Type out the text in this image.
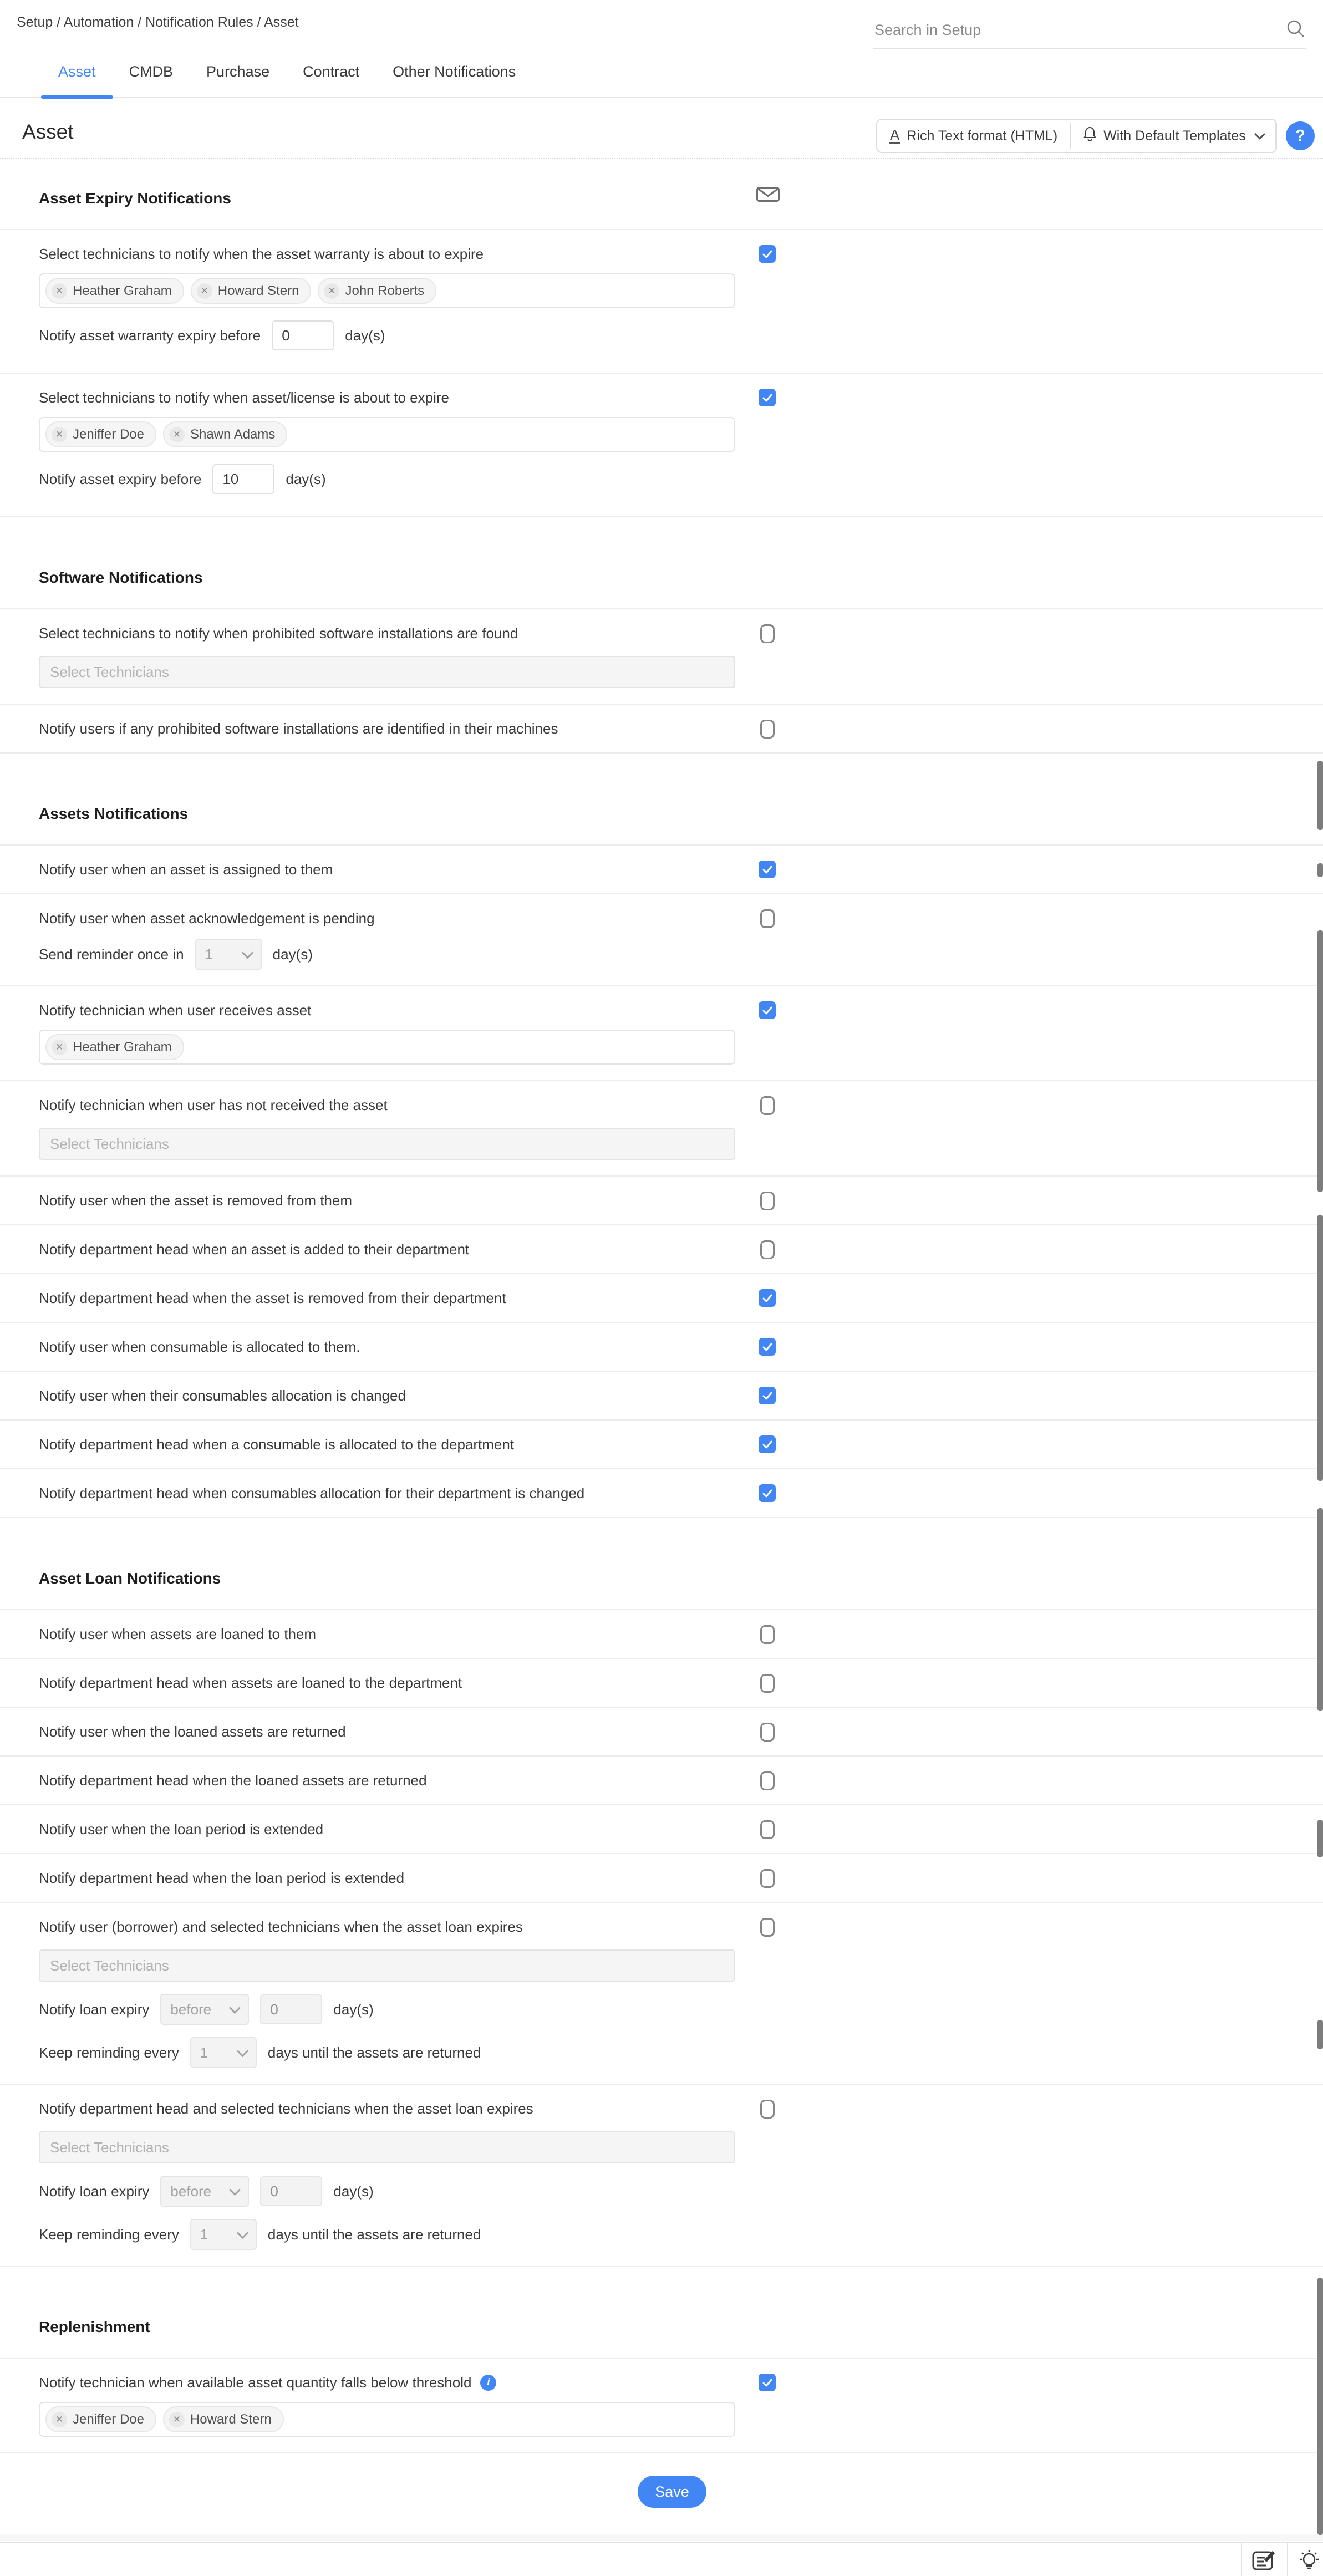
Setup / Automation / Notification Rules / Asset
Search in Setup
Asset CMDB Purchase Contract Other Notifications
Asset	A Rich Text format (HTML)	With Default Templates	?
Asset Expiry Notifications
Select technicians to notify when the asset warranty is about to expire
✕ Heather Graham	✕ Howard Stern	✕ John Roberts
Notify asset warranty expiry before
0	day(s)
Select technicians to notify when asset/license is about to expire
✕ Jeniffer Doe	✕ Shawn Adams
Notify asset expiry before
10	day(s)
Software Notifications
Select technicians to notify when prohibited software installations are found
Select Technicians
Notify users if any prohibited software installations are identified in their machines
Assets Notifications
Notify user when an asset is assigned to them
Notify user when asset acknowledgement is pending
Send reminder once in 1	day(s)
Notify technician when user receives asset
✕ Heather Graham
Notify technician when user has not received the asset
Select Technicians
Notify user when the asset is removed from them
Notify department head when an asset is added to their department
Notify department head when the asset is removed from their department
Notify user when consumable is allocated to them.
Notify user when their consumables allocation is changed
Notify department head when a consumable is allocated to the department
Notify department head when consumables allocation for their department is changed
Asset Loan Notifications
Notify user when assets are loaned to them
Notify department head when assets are loaned to the department
Notify user when the loaned assets are returned
Notify department head when the loaned assets are returned
Notify user when the loan period is extended
Notify department head when the loan period is extended
Notify user (borrower) and selected technicians when the asset loan expires
Select Technicians
Notify loan expiry before
0	day(s)
Keep reminding every 1	days until the assets are returned
Notify department head and selected technicians when the asset loan expires
Select Technicians
Notify loan expiry before
0	day(s)
Keep reminding every 1	days until the assets are returned
Replenishment
Notify technician when available asset quantity falls below threshold	i
✕ Jeniffer Doe	✕ Howard Stern
Save
